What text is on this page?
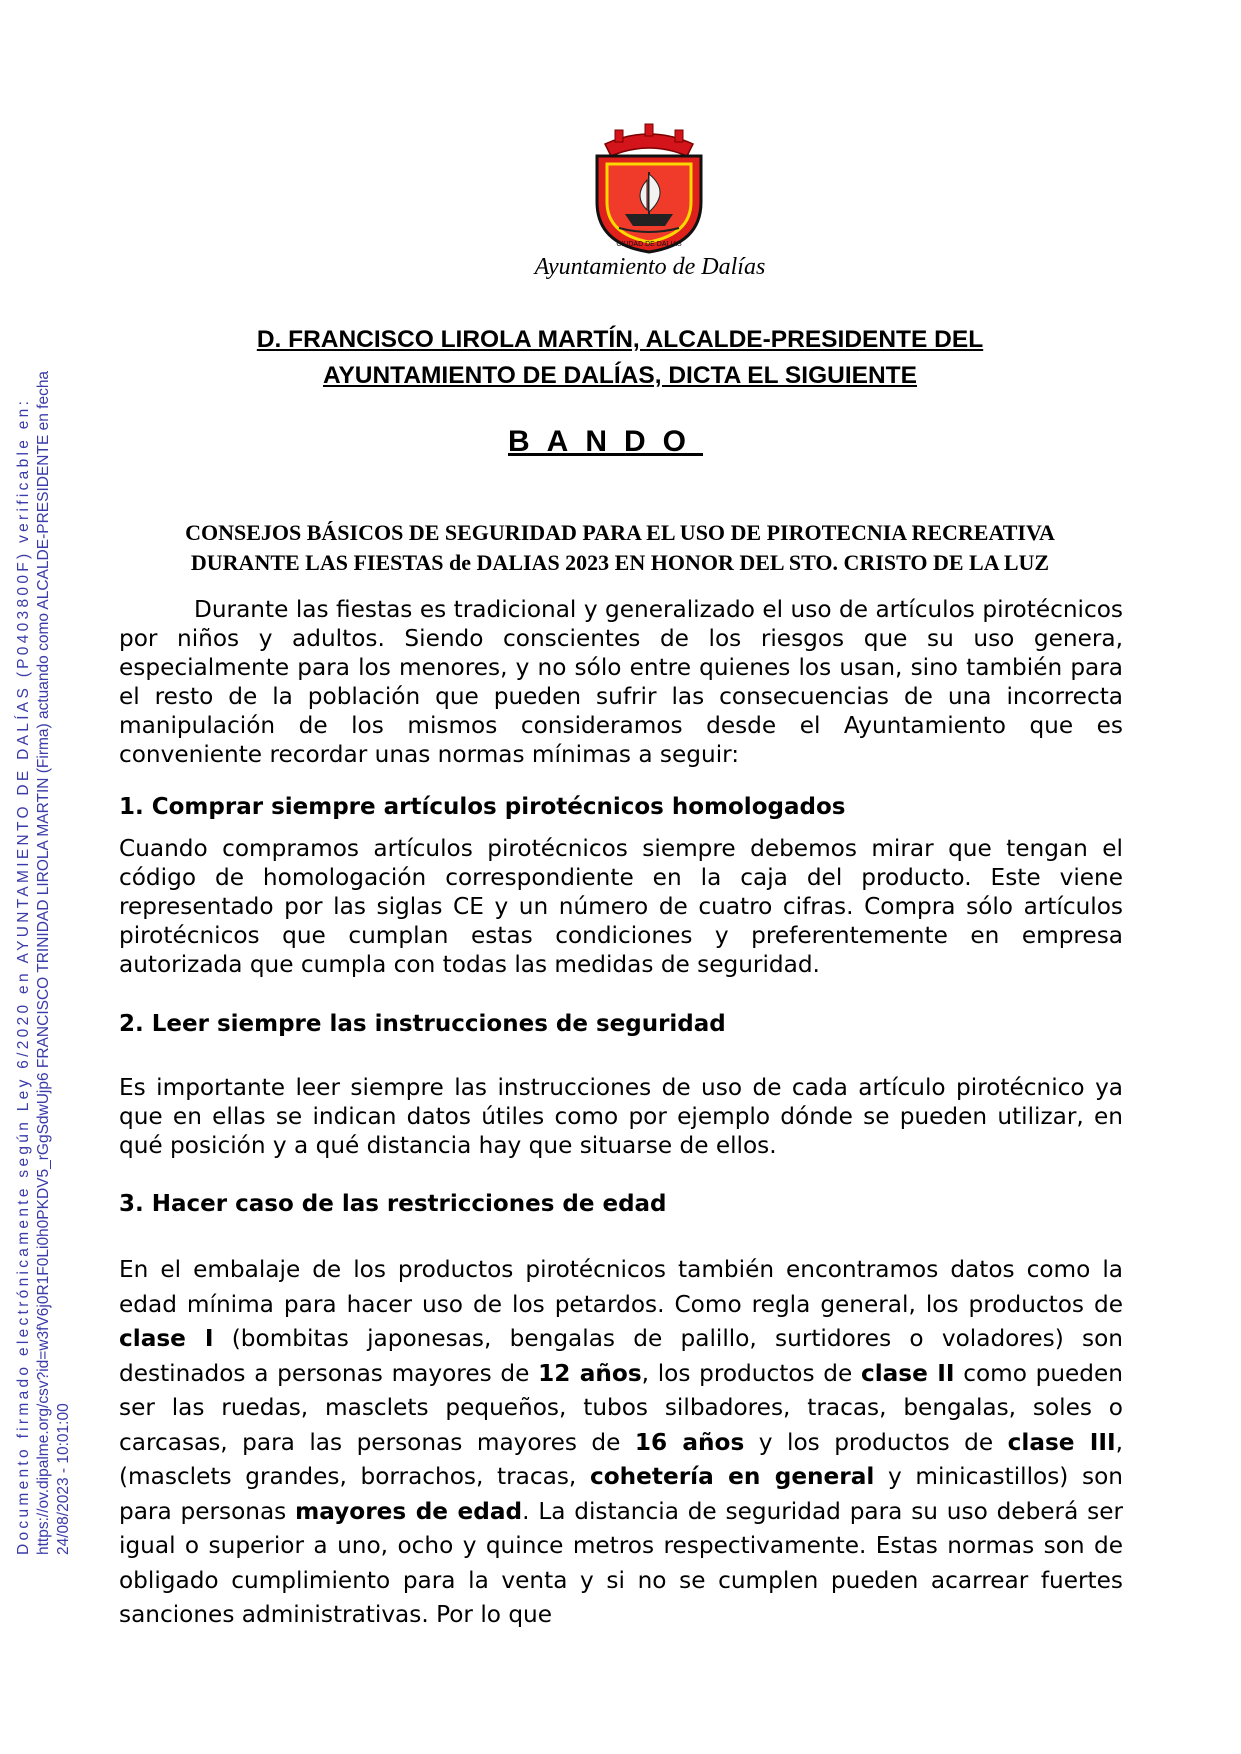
Documento firmado electrónicamente según Ley 6/2020 en AYUNTAMIENTO DE DALÍAS (P0403800F) verificable en: https://ov.dipalme.org/csv?id=w3fV6j0R1F0Li0h0PKDV5_rGgSdwUjp6 FRANCISCO TRINIDAD LIROLA MARTIN (Firma) actuando como ALCALDE-PRESIDENTE en fecha 24/08/2023 - 10:01:00
CIUDAD DE DALIAS
Ayuntamiento de Dalías
D. FRANCISCO LIROLA MARTÍN, ALCALDE-PRESIDENTE DEL
AYUNTAMIENTO DE DALÍAS, DICTA EL SIGUIENTE
BANDO
CONSEJOS BÁSICOS DE SEGURIDAD PARA EL USO DE PIROTECNIA RECREATIVA
DURANTE LAS FIESTAS de DALIAS 2023 EN HONOR DEL STO. CRISTO DE LA LUZ
Durante las fiestas es tradicional y generalizado el uso de artículos pirotécnicos por niños y adultos. Siendo conscientes de los riesgos que su uso genera, especialmente para los menores, y no sólo entre quienes los usan, sino también para el resto de la población que pueden sufrir las consecuencias de una incorrecta manipulación de los mismos consideramos desde el Ayuntamiento que es conveniente recordar unas normas mínimas a seguir:
1. Comprar siempre artículos pirotécnicos homologados
Cuando compramos artículos pirotécnicos siempre debemos mirar que tengan el código de homologación correspondiente en la caja del producto. Este viene representado por las siglas CE y un número de cuatro cifras. Compra sólo artículos pirotécnicos que cumplan estas condiciones y preferentemente en empresa autorizada que cumpla con todas las medidas de seguridad.
2. Leer siempre las instrucciones de seguridad
Es importante leer siempre las instrucciones de uso de cada artículo pirotécnico ya que en ellas se indican datos útiles como por ejemplo dónde se pueden utilizar, en qué posición y a qué distancia hay que situarse de ellos.
3. Hacer caso de las restricciones de edad
En el embalaje de los productos pirotécnicos también encontramos datos como la edad mínima para hacer uso de los petardos. Como regla general, los productos de clase I (bombitas japonesas, bengalas de palillo, surtidores o voladores) son destinados a personas mayores de 12 años, los productos de clase II como pueden ser las ruedas, masclets pequeños, tubos silbadores, tracas, bengalas, soles o carcasas, para las personas mayores de 16 años y los productos de clase III, (masclets grandes, borrachos, tracas, cohetería en general y minicastillos) son para personas mayores de edad. La distancia de seguridad para su uso deberá ser igual o superior a uno, ocho y quince metros respectivamente. Estas normas son de obligado cumplimiento para la venta y si no se cumplen pueden acarrear fuertes sanciones administrativas. Por lo que
